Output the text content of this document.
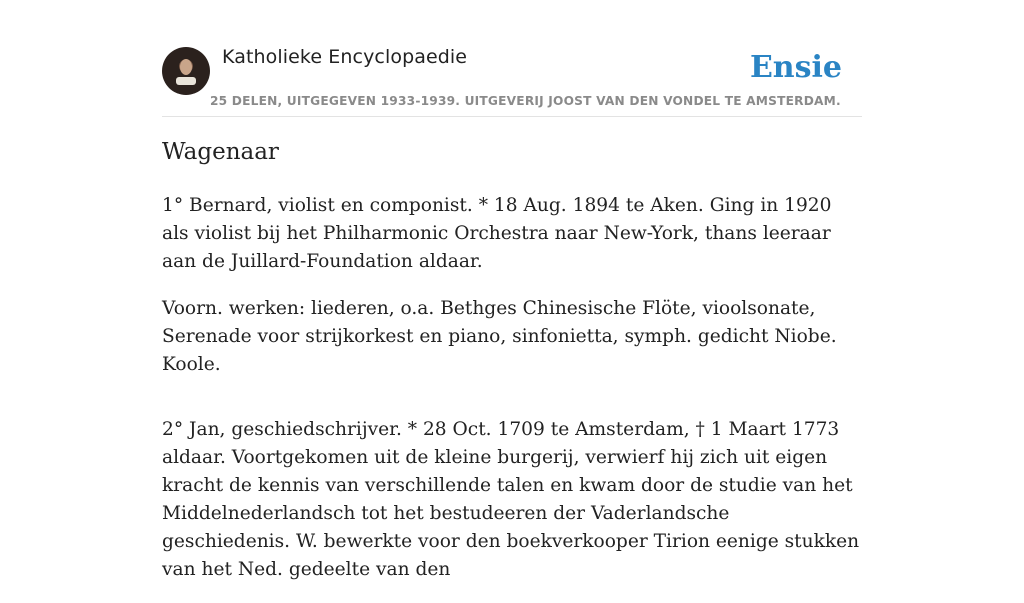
Katholieke Encyclopaedie
25 DELEN, UITGEGEVEN 1933-1939. UITGEVERIJ JOOST VAN DEN VONDEL TE AMSTERDAM.
Ensie
Wagenaar

1° Bernard, violist en componist. * 18 Aug. 1894 te Aken. Ging in 1920 als violist bij het Philharmonic Orchestra naar New-York, thans leeraar aan de Juillard-Foundation aldaar.

Voorn. werken: liederen, o.a. Bethges Chinesische Flöte, vioolsonate, Serenade voor strijkorkest en piano, sinfonietta, symph. gedicht Niobe. Koole.

2° Jan, geschiedschrijver. * 28 Oct. 1709 te Amsterdam, † 1 Maart 1773 aldaar. Voortgekomen uit de kleine burgerij, verwierf hij zich uit eigen kracht de kennis van verschillende talen en kwam door de studie van het Middelnederlandsch tot het bestudeeren der Vaderlandsche geschiedenis. W. bewerkte voor den boekverkooper Tirion eenige stukken van het Ned. gedeelte van den
